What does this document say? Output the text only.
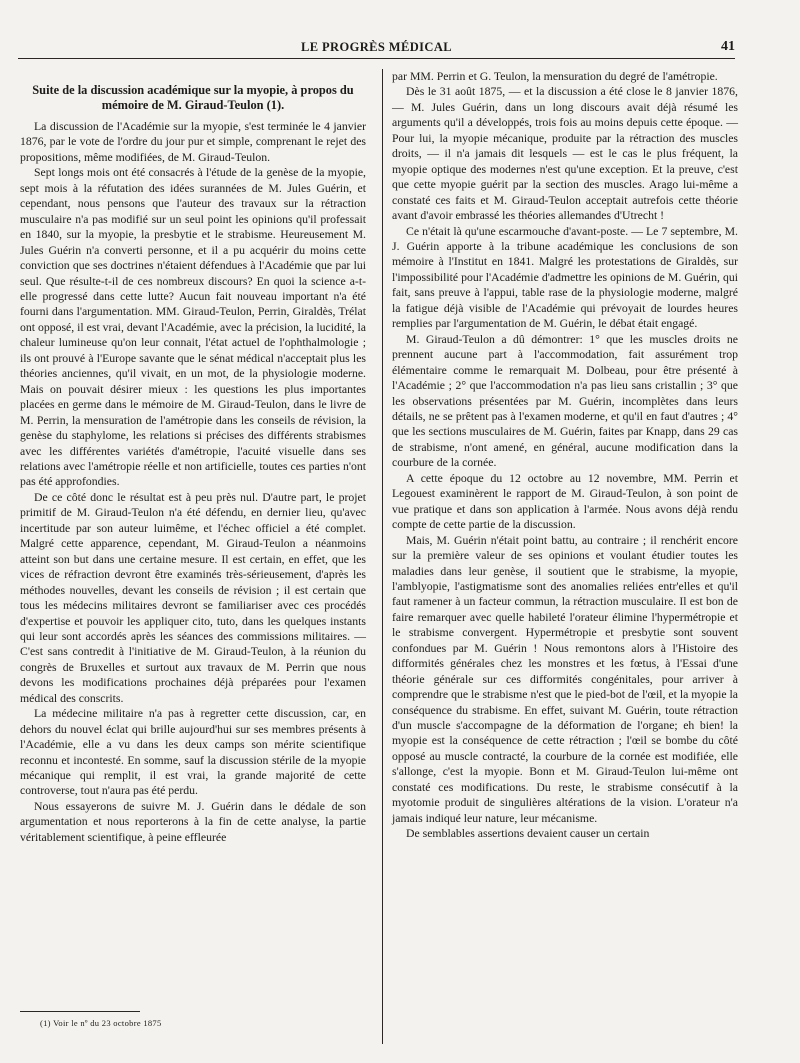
LE PROGRÈS MÉDICAL	41
Suite de la discussion académique sur la myopie, à propos du mémoire de M. Giraud-Teulon (1).

La discussion de l'Académie sur la myopie, s'est terminée le 4 janvier 1876, par le vote de l'ordre du jour pur et simple, comprenant le rejet des propositions, même modifiées, de M. Giraud-Teulon.

Sept longs mois ont été consacrés à l'étude de la genèse de la myopie, sept mois à la réfutation des idées surannées de M. Jules Guérin, et cependant, nous pensons que l'auteur des travaux sur la rétraction musculaire n'a pas modifié sur un seul point les opinions qu'il professait en 1840, sur la myopie, la presbytie et le strabisme. Heureusement M. Jules Guérin n'a converti personne, et il a pu acquérir du moins cette conviction que ses doctrines n'étaient défendues à l'Académie que par lui seul. Que résulte-t-il de ces nombreux discours? En quoi la science a-t-elle progressé dans cette lutte? Aucun fait nouveau important n'a été fourni dans l'argumentation. MM. Giraud-Teulon, Perrin, Giraldès, Trélat ont opposé, il est vrai, devant l'Académie, avec la précision, la lucidité, la chaleur lumineuse qu'on leur connait, l'état actuel de l'ophthalmologie ; ils ont prouvé à l'Europe savante que le sénat médical n'acceptait plus les théories anciennes, qu'il vivait, en un mot, de la physiologie moderne. Mais on pouvait désirer mieux : les questions les plus importantes placées en germe dans le mémoire de M. Giraud-Teulon, dans le livre de M. Perrin, la mensuration de l'amétropie dans les conseils de révision, la genèse du staphylome, les relations si précises des différents strabismes avec les différentes variétés d'amétropie, l'acuité visuelle dans ses relations avec l'amétropie réelle et non artificielle, toutes ces parties n'ont pas été approfondies.

De ce côté donc le résultat est à peu près nul. D'autre part, le projet primitif de M. Giraud-Teulon n'a été défendu, en dernier lieu, qu'avec incertitude par son auteur luimême, et l'échec officiel a été complet. Malgré cette apparence, cependant, M. Giraud-Teulon a néanmoins atteint son but dans une certaine mesure. Il est certain, en effet, que les vices de réfraction devront être examinés très-sérieusement, d'après les méthodes nouvelles, devant les conseils de révision ; il est certain que tous les médecins militaires devront se familiariser avec ces procédés d'expertise et pouvoir les appliquer cito, tuto, dans les quelques instants qui leur sont accordés après les séances des commissions militaires. — C'est sans contredit à l'initiative de M. Giraud-Teulon, à la réunion du congrès de Bruxelles et surtout aux travaux de M. Perrin que nous devons les modifications prochaines déjà préparées pour l'examen médical des conscrits.

La médecine militaire n'a pas à regretter cette discussion, car, en dehors du nouvel éclat qui brille aujourd'hui sur ses membres présents à l'Académie, elle a vu dans les deux camps son mérite scientifique reconnu et incontesté. En somme, sauf la discussion stérile de la myopie mécanique qui remplit, il est vrai, la grande majorité de cette controverse, tout n'aura pas été perdu.

Nous essayerons de suivre M. J. Guérin dans le dédale de son argumentation et nous reporterons à la fin de cette analyse, la partie véritablement scientifique, à peine effleurée

par MM. Perrin et G. Teulon, la mensuration du degré de l'amétropie.

Dès le 31 août 1875, — et la discussion a été close le 8 janvier 1876, — M. Jules Guérin, dans un long discours avait déjà résumé les arguments qu'il a développés, trois fois au moins depuis cette époque. — Pour lui, la myopie mécanique, produite par la rétraction des muscles droits, — il n'a jamais dit lesquels — est le cas le plus fréquent, la myopie optique des modernes n'est qu'une exception. Et la preuve, c'est que cette myopie guérit par la section des muscles. Arago lui-même a constaté ces faits et M. Giraud-Teulon acceptait autrefois cette théorie avant d'avoir embrassé les théories allemandes d'Utrecht !

Ce n'était là qu'une escarmouche d'avant-poste. — Le 7 septembre, M. J. Guérin apporte à la tribune académique les conclusions de son mémoire à l'Institut en 1841. Malgré les protestations de Giraldès, sur l'impossibilité pour l'Académie d'admettre les opinions de M. Guérin, qui fait, sans preuve à l'appui, table rase de la physiologie moderne, malgré la fatigue déjà visible de l'Académie qui prévoyait de lourdes heures remplies par l'argumentation de M. Guérin, le débat était engagé.

M. Giraud-Teulon a dû démontrer: 1° que les muscles droits ne prennent aucune part à l'accommodation, fait assurément trop élémentaire comme le remarquait M. Dolbeau, pour être présenté à l'Académie ; 2° que l'accommodation n'a pas lieu sans cristallin ; 3° que les observations présentées par M. Guérin, incomplètes dans leurs détails, ne se prêtent pas à l'examen moderne, et qu'il en faut d'autres ; 4° que les sections musculaires de M. Guérin, faites par Knapp, dans 29 cas de strabisme, n'ont amené, en général, aucune modification dans la courbure de la cornée.

A cette époque du 12 octobre au 12 novembre, MM. Perrin et Legouest examinèrent le rapport de M. Giraud-Teulon, à son point de vue pratique et dans son application à l'armée. Nous avons déjà rendu compte de cette partie de la discussion.

Mais, M. Guérin n'était point battu, au contraire ; il renchérit encore sur la première valeur de ses opinions et voulant étudier toutes les maladies dans leur genèse, il soutient que le strabisme, la myopie, l'amblyopie, l'astigmatisme sont des anomalies reliées entr'elles et qu'il faut ramener à un facteur commun, la rétraction musculaire. Il est bon de faire remarquer avec quelle habileté l'orateur élimine l'hypermétropie et le strabisme convergent. Hypermétropie et presbytie sont souvent confondues par M. Guérin ! Nous remontons alors à l'Histoire des difformités générales chez les monstres et les fœtus, à l'Essai d'une théorie générale sur ces difformités congénitales, pour arriver à comprendre que le strabisme n'est que le pied-bot de l'œil, et la myopie la conséquence du strabisme. En effet, suivant M. Guérin, toute rétraction d'un muscle s'accompagne de la déformation de l'organe; eh bien! la myopie est la conséquence de cette rétraction ; l'œil se bombe du côté opposé au muscle contracté, la courbure de la cornée est modifiée, elle s'allonge, c'est la myopie. Bonn et M. Giraud-Teulon lui-même ont constaté ces modifications. Du reste, le strabisme consécutif à la myotomie produit de singulières altérations de la vision. L'orateur n'a jamais indiqué leur nature, leur mécanisme.

De semblables assertions devaient causer un certain

(1) Voir le nº du 23 octobre 1875
